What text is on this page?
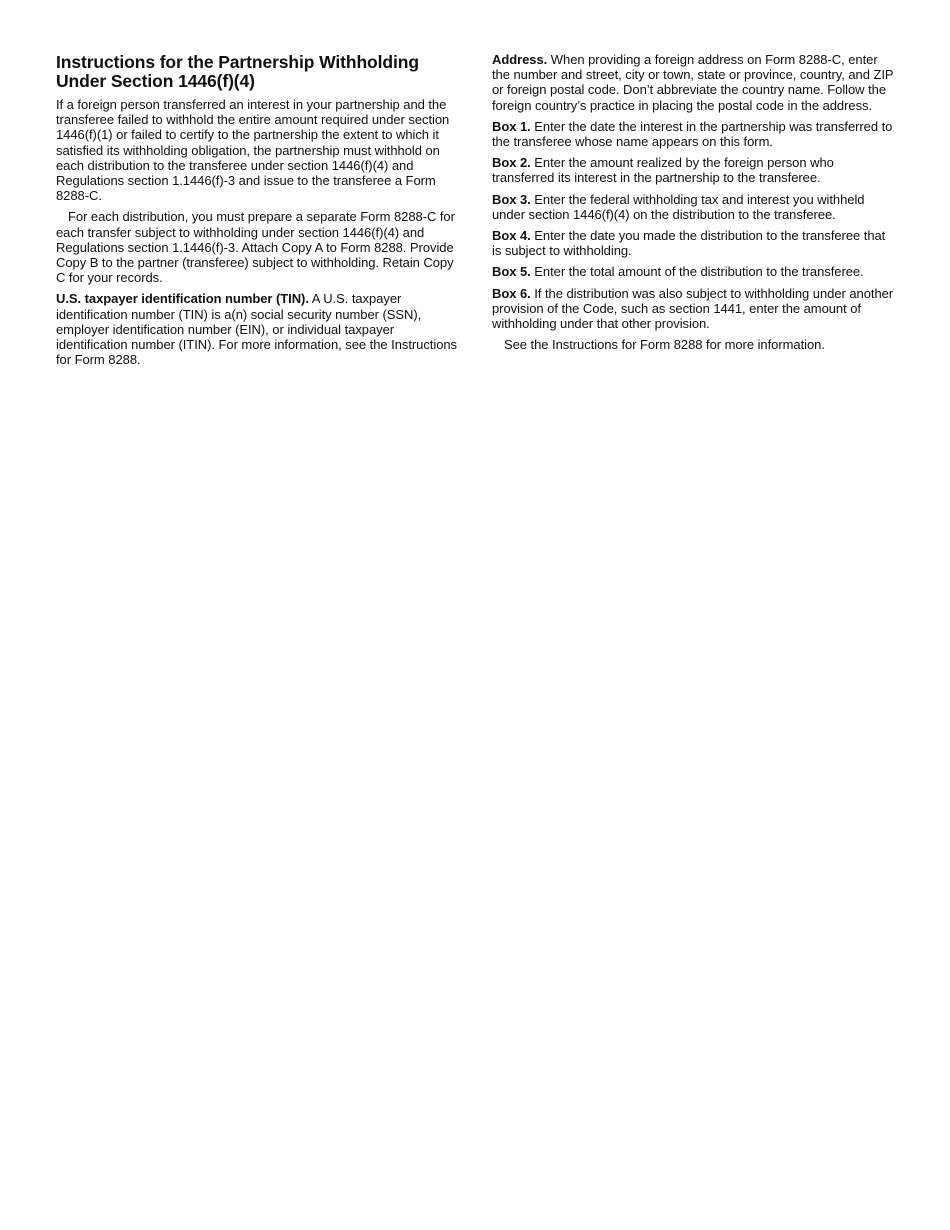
Instructions for the Partnership Withholding Under Section 1446(f)(4)

If a foreign person transferred an interest in your partnership and the transferee failed to withhold the entire amount required under section 1446(f)(1) or failed to certify to the partnership the extent to which it satisfied its withholding obligation, the partnership must withhold on each distribution to the transferee under section 1446(f)(4) and Regulations section 1.1446(f)-3 and issue to the transferee a Form 8288-C.

For each distribution, you must prepare a separate Form 8288-C for each transfer subject to withholding under section 1446(f)(4) and Regulations section 1.1446(f)-3. Attach Copy A to Form 8288. Provide Copy B to the partner (transferee) subject to withholding. Retain Copy C for your records.

U.S. taxpayer identification number (TIN). A U.S. taxpayer identification number (TIN) is a(n) social security number (SSN), employer identification number (EIN), or individual taxpayer identification number (ITIN). For more information, see the Instructions for Form 8288.

Address. When providing a foreign address on Form 8288-C, enter the number and street, city or town, state or province, country, and ZIP or foreign postal code. Don’t abbreviate the country name. Follow the foreign country’s practice in placing the postal code in the address.

Box 1. Enter the date the interest in the partnership was transferred to the transferee whose name appears on this form.

Box 2. Enter the amount realized by the foreign person who transferred its interest in the partnership to the transferee.

Box 3. Enter the federal withholding tax and interest you withheld under section 1446(f)(4) on the distribution to the transferee.

Box 4. Enter the date you made the distribution to the transferee that is subject to withholding.

Box 5. Enter the total amount of the distribution to the transferee.

Box 6. If the distribution was also subject to withholding under another provision of the Code, such as section 1441, enter the amount of withholding under that other provision.

See the Instructions for Form 8288 for more information.
